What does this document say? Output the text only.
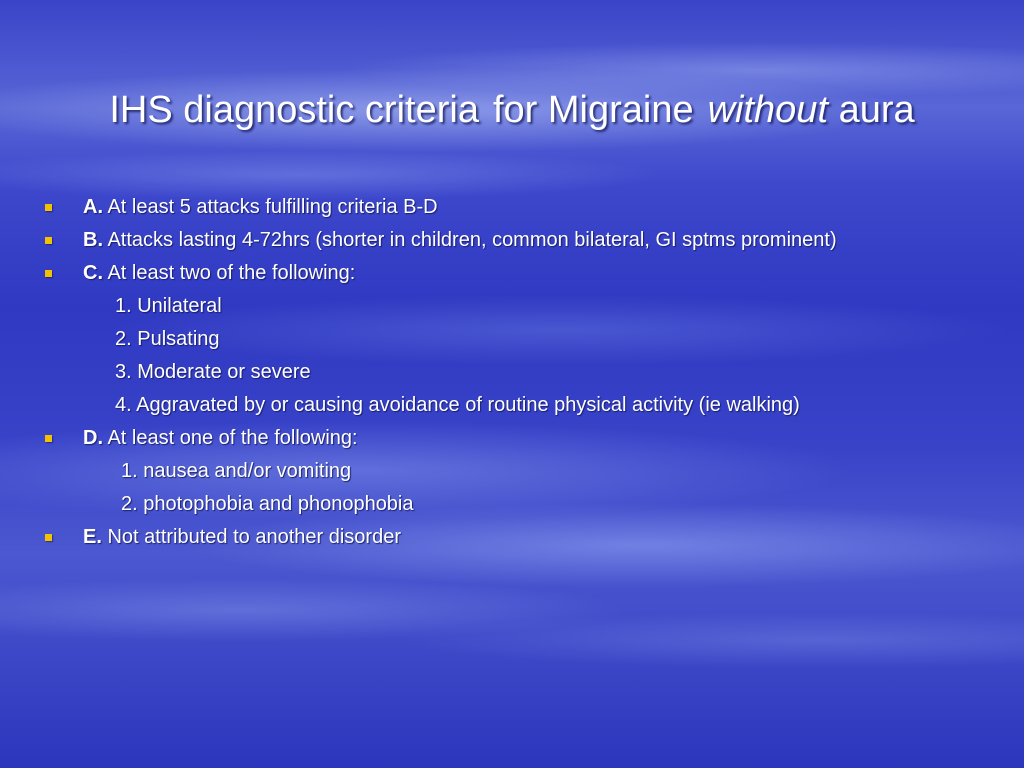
IHS diagnostic criteria for Migraine without aura
A. At least 5 attacks fulfilling criteria B-D
B. Attacks lasting 4-72hrs (shorter in children, common bilateral, GI sptms prominent)
C. At least two of the following:
1. Unilateral
2. Pulsating
3. Moderate or severe
4. Aggravated by or causing avoidance of routine physical activity (ie walking)
D. At least one of the following:
1. nausea and/or vomiting
2. photophobia and phonophobia
E. Not attributed to another disorder
